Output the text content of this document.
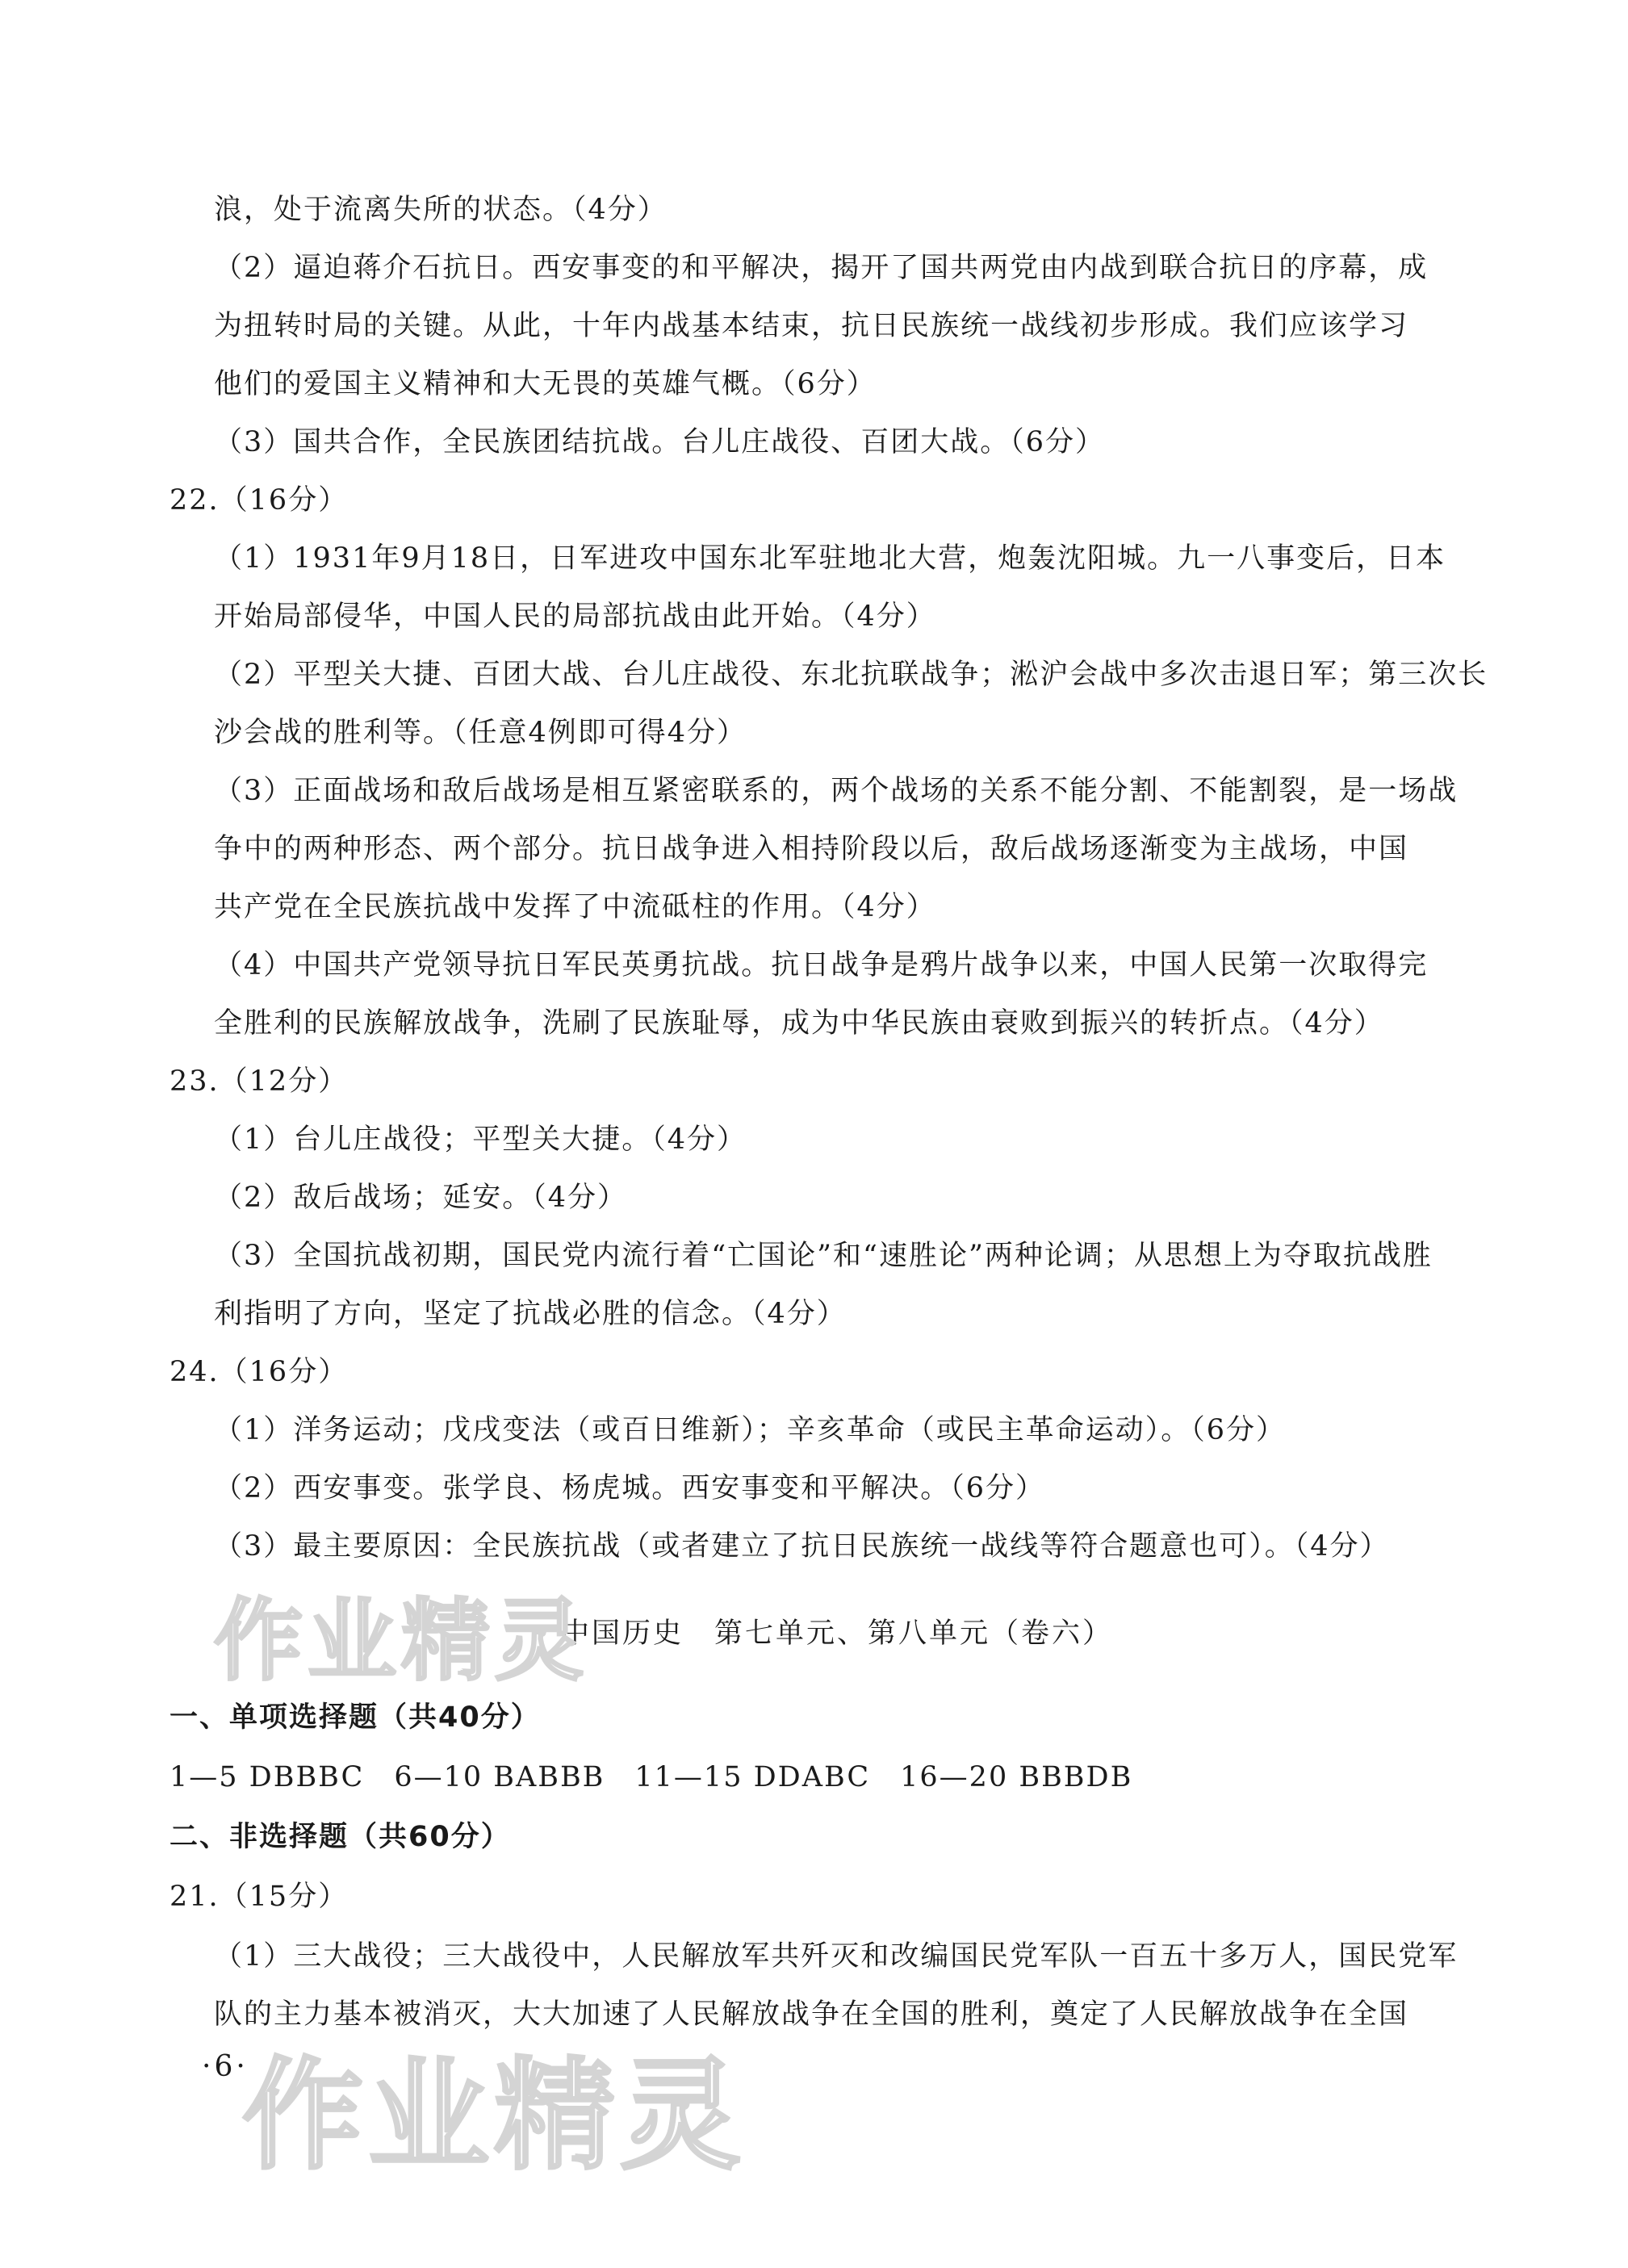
浪，处于流离失所的状态。（4分）

（2）逼迫蒋介石抗日。西安事变的和平解决，揭开了国共两党由内战到联合抗日的序幕，成

为扭转时局的关键。从此，十年内战基本结束，抗日民族统一战线初步形成。我们应该学习

他们的爱国主义精神和大无畏的英雄气概。（6分）

（3）国共合作，全民族团结抗战。台儿庄战役、百团大战。（6分）

22.（16分）

（1）1931年9月18日，日军进攻中国东北军驻地北大营，炮轰沈阳城。九一八事变后，日本

开始局部侵华，中国人民的局部抗战由此开始。（4分）

（2）平型关大捷、百团大战、台儿庄战役、东北抗联战争；淞沪会战中多次击退日军；第三次长

沙会战的胜利等。（任意4例即可得4分）

（3）正面战场和敌后战场是相互紧密联系的，两个战场的关系不能分割、不能割裂，是一场战

争中的两种形态、两个部分。抗日战争进入相持阶段以后，敌后战场逐渐变为主战场，中国

共产党在全民族抗战中发挥了中流砥柱的作用。（4分）

（4）中国共产党领导抗日军民英勇抗战。抗日战争是鸦片战争以来，中国人民第一次取得完

全胜利的民族解放战争，洗刷了民族耻辱，成为中华民族由衰败到振兴的转折点。（4分）

23.（12分）

（1）台儿庄战役；平型关大捷。（4分）

（2）敌后战场；延安。（4分）

（3）全国抗战初期，国民党内流行着“亡国论”和“速胜论”两种论调；从思想上为夺取抗战胜

利指明了方向，坚定了抗战必胜的信念。（4分）

24.（16分）

（1）洋务运动；戊戌变法（或百日维新）；辛亥革命（或民主革命运动）。（6分）

（2）西安事变。张学良、杨虎城。西安事变和平解决。（6分）

（3）最主要原因：全民族抗战（或者建立了抗日民族统一战线等符合题意也可）。（4分）

中国历史　第七单元、第八单元（卷六）

一、单项选择题（共40分）

1—5 DBBBC　6—10 BABBB　11—15 DDABC　16—20 BBBDB

二、非选择题（共60分）

21.（15分）

（1）三大战役；三大战役中，人民解放军共歼灭和改编国民党军队一百五十多万人，国民党军

队的主力基本被消灭，大大加速了人民解放战争在全国的胜利，奠定了人民解放战争在全国

·6·
作业精灵
作业精灵
